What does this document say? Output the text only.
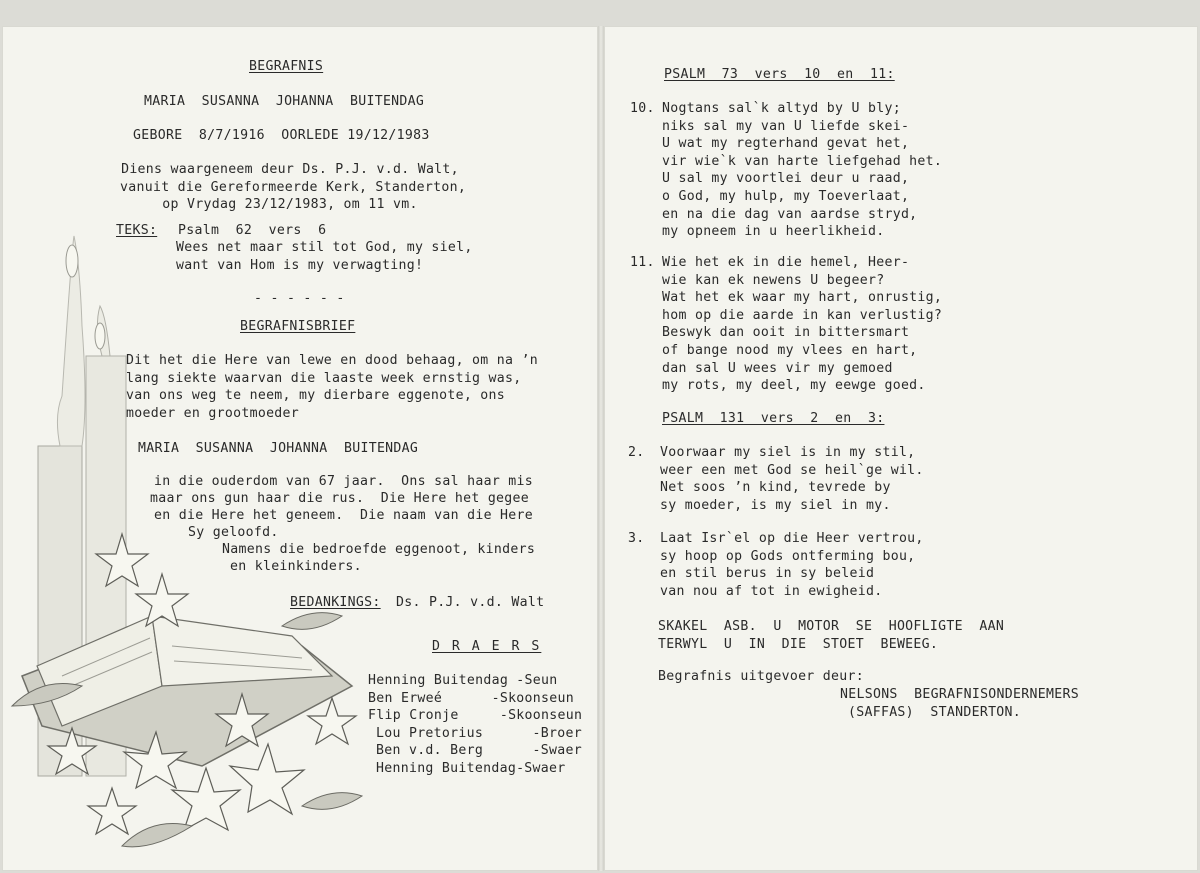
BEGRAFNIS
MARIA  SUSANNA  JOHANNA  BUITENDAG
GEBORE  8/7/1916  OORLEDE 19/12/1983
Diens waargeneem deur Ds. P.J. v.d. Walt,
vanuit die Gereformeerde Kerk, Standerton,
op Vrydag 23/12/1983, om 11 vm.
TEKS: Psalm  62  vers  6
Wees net maar stil tot God, my siel,
want van Hom is my verwagting!
- - - - - -
BEGRAFNISBRIEF
Dit het die Here van lewe en dood behaag, om na ’n
lang siekte waarvan die laaste week ernstig was,
van ons weg te neem, my dierbare eggenote, ons
moeder en grootmoeder
MARIA  SUSANNA  JOHANNA  BUITENDAG
in die ouderdom van 67 jaar.  Ons sal haar mis
maar ons gun haar die rus.  Die Here het gegee
en die Here het geneem.  Die naam van die Here
Sy geloofd.
Namens die bedroefde eggenoot, kinders
en kleinkinders.
BEDANKINGS: Ds. P.J. v.d. Walt
D R A E R S
Henning Buitendag -Seun
Ben Erweé      -Skoonseun
Flip Cronje     -Skoonseun
Lou Pretorius      -Broer
Ben v.d. Berg      -Swaer
Henning Buitendag-Swaer
PSALM  73  vers  10  en  11:
10. Nogtans sal`k altyd by U bly;
niks sal my van U liefde skei-
U wat my regterhand gevat het,
vir wie`k van harte liefgehad het.
U sal my voortlei deur u raad,
o God, my hulp, my Toeverlaat,
en na die dag van aardse stryd,
my opneem in u heerlikheid.
11. Wie het ek in die hemel, Heer-
wie kan ek newens U begeer?
Wat het ek waar my hart, onrustig,
hom op die aarde in kan verlustig?
Beswyk dan ooit in bittersmart
of bange nood my vlees en hart,
dan sal U wees vir my gemoed
my rots, my deel, my eewge goed.
PSALM  131  vers  2  en  3:
2. Voorwaar my siel is in my stil,
weer een met God se heil`ge wil.
Net soos ’n kind, tevrede by
sy moeder, is my siel in my.
3. Laat Isr`el op die Heer vertrou,
sy hoop op Gods ontferming bou,
en stil berus in sy beleid
van nou af tot in ewigheid.
SKAKEL  ASB.  U  MOTOR  SE  HOOFLIGTE  AAN
TERWYL  U  IN  DIE  STOET  BEWEEG.
Begrafnis uitgevoer deur:
NELSONS  BEGRAFNISONDERNEMERS
(SAFFAS)  STANDERTON.
